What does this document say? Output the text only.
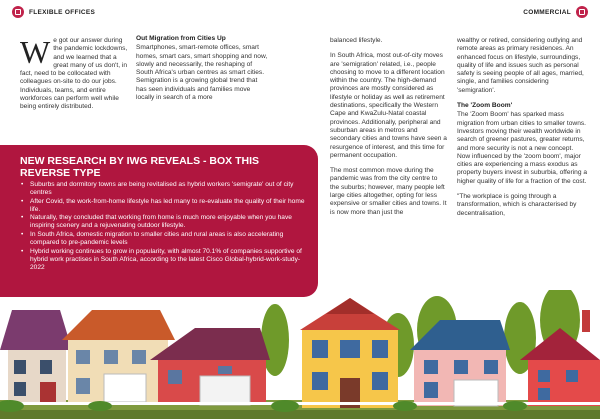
FLEXIBLE OFFICES	COMMERCIAL

We got our answer during the pandemic lockdowns, and we learned that a great many of us don't, in fact, need to be collocated with colleagues on-site to do our jobs. Individuals, teams, and entire workforces can perform well while being entirely distributed.

Out Migration from Cities Up

Smartphones, smart-remote offices, smart homes, smart cars, smart shopping and now, slowly and necessarily, the reshaping of South Africa's urban centres as smart cities. Semigration is a growing global trend that has seen individuals and families move locally in search of a more

balanced lifestyle.

In South Africa, most out-of-city moves are 'semigration' related, i.e., people choosing to move to a different location within the country. The high-demand provinces are mostly considered as lifestyle or holiday as well as retirement destinations, specifically the Western Cape and KwaZulu-Natal coastal provinces. Additionally, peripheral and suburban areas in metros and secondary cities and towns have seen a resurgence of interest, and this time for permanent occupation.

The most common move during the pandemic was from the city centre to the suburbs; however, many people left large cities altogether, opting for less expensive or smaller cities and towns. It is now more than just the

wealthy or retired, considering outlying and remote areas as primary residences. An enhanced focus on lifestyle, surroundings, quality of life and issues such as personal safety is seeing people of all ages, married, single, and families considering 'semigration'.

The 'Zoom Boom'

The 'Zoom Boom' has sparked mass migration from urban cities to smaller towns. Investors moving their wealth worldwide in search of greener pastures, greater returns, and more security is not a new concept. Now influenced by the 'zoom boom', major cities are experiencing a mass exodus as property buyers invest in suburbia, offering a higher quality of life for a fraction of the cost.

"The workplace is going through a transformation, which is characterised by decentralisation,

NEW RESEARCH BY IWG REVEALS - BOX THIS REVERSE TYPE
• Suburbs and dormitory towns are being revitalised as hybrid workers 'semigrate' out of city centres
• After Covid, the work-from-home lifestyle has led many to re-evaluate the quality of their home life.
• Naturally, they concluded that working from home is much more enjoyable when you have inspiring scenery and a rejuvenating outdoor lifestyle.
• In South Africa, domestic migration to smaller cities and rural areas is also accelerating compared to pre-pandemic levels
• Hybrid working continues to grow in popularity, with almost 70.1% of companies supportive of hybrid work practises in South Africa, according to the latest Cisco Global-hybrid-work-study-2022
